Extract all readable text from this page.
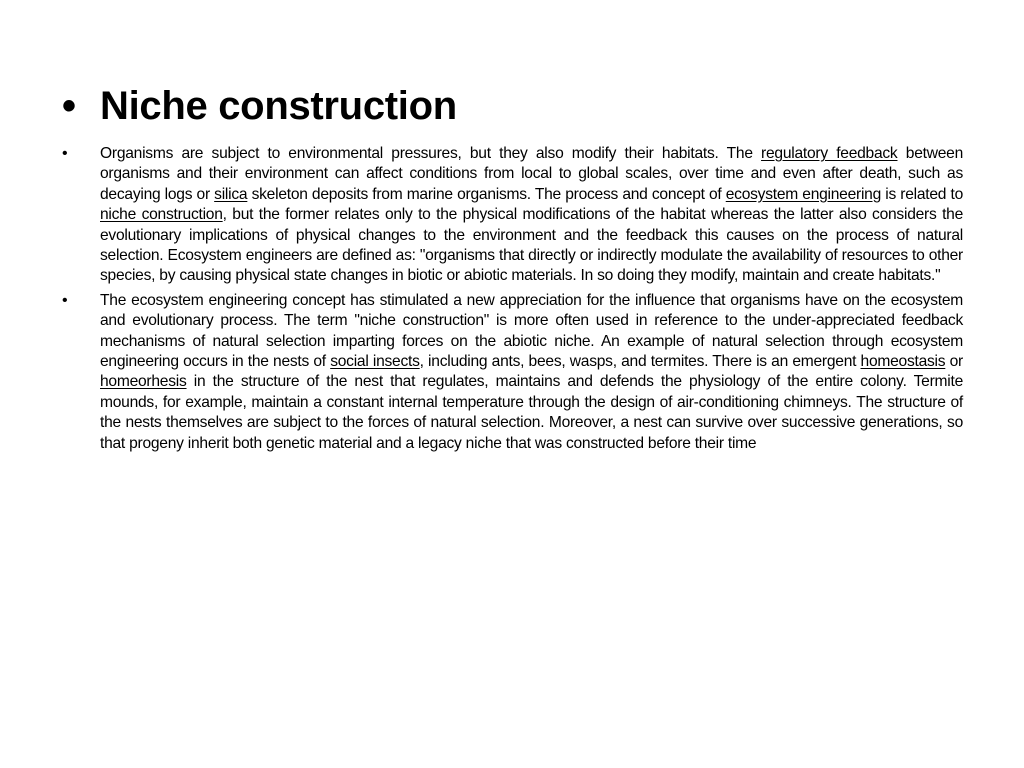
• Niche construction
•	Organisms are subject to environmental pressures, but they also modify their habitats. The regulatory feedback between organisms and their environment can affect conditions from local to global scales, over time and even after death, such as decaying logs or silica skeleton deposits from marine organisms. The process and concept of ecosystem engineering is related to niche construction, but the former relates only to the physical modifications of the habitat whereas the latter also considers the evolutionary implications of physical changes to the environment and the feedback this causes on the process of natural selection. Ecosystem engineers are defined as: "organisms that directly or indirectly modulate the availability of resources to other species, by causing physical state changes in biotic or abiotic materials. In so doing they modify, maintain and create habitats."
•	The ecosystem engineering concept has stimulated a new appreciation for the influence that organisms have on the ecosystem and evolutionary process. The term "niche construction" is more often used in reference to the under-appreciated feedback mechanisms of natural selection imparting forces on the abiotic niche. An example of natural selection through ecosystem engineering occurs in the nests of social insects, including ants, bees, wasps, and termites. There is an emergent homeostasis or homeorhesis in the structure of the nest that regulates, maintains and defends the physiology of the entire colony. Termite mounds, for example, maintain a constant internal temperature through the design of air-conditioning chimneys. The structure of the nests themselves are subject to the forces of natural selection. Moreover, a nest can survive over successive generations, so that progeny inherit both genetic material and a legacy niche that was constructed before their time
